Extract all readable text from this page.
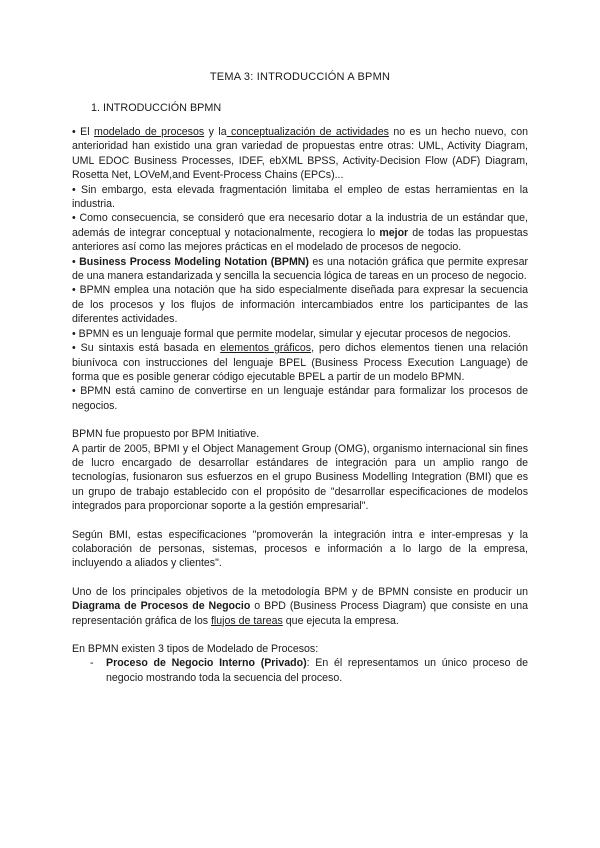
TEMA 3: INTRODUCCIÓN A BPMN
1. INTRODUCCIÓN BPMN

• El modelado de procesos y la conceptualización de actividades no es un hecho nuevo, con anterioridad han existido una gran variedad de propuestas entre otras: UML, Activity Diagram, UML EDOC Business Processes, IDEF, ebXML BPSS, Activity-Decision Flow (ADF) Diagram, Rosetta Net, LOVeM,and Event-Process Chains (EPCs)...

• Sin embargo, esta elevada fragmentación limitaba el empleo de estas herramientas en la industria.

• Como consecuencia, se consideró que era necesario dotar a la industria de un estándar que, además de integrar conceptual y notacionalmente, recogiera lo mejor de todas las propuestas anteriores así como las mejores prácticas en el modelado de procesos de negocio.

• Business Process Modeling Notation (BPMN) es una notación gráfica que permite expresar de una manera estandarizada y sencilla la secuencia lógica de tareas en un proceso de negocio.

• BPMN emplea una notación que ha sido especialmente diseñada para expresar la secuencia de los procesos y los flujos de información intercambiados entre los participantes de las diferentes actividades.

• BPMN es un lenguaje formal que permite modelar, simular y ejecutar procesos de negocios.

• Su sintaxis está basada en elementos gráficos, pero dichos elementos tienen una relación biunívoca con instrucciones del lenguaje BPEL (Business Process Execution Language) de forma que es posible generar código ejecutable BPEL a partir de un modelo BPMN.

• BPMN está camino de convertirse en un lenguaje estándar para formalizar los procesos de negocios.

BPMN fue propuesto por BPM Initiative.

A partir de 2005, BPMI y el Object Management Group (OMG), organismo internacional sin fines de lucro encargado de desarrollar estándares de integración para un amplio rango de tecnologías, fusionaron sus esfuerzos en el grupo Business Modelling Integration (BMI) que es un grupo de trabajo establecido con el propósito de "desarrollar especificaciones de modelos integrados para proporcionar soporte a la gestión empresarial".

Según BMI, estas especificaciones "promoverán la integración intra e inter-empresas y la colaboración de personas, sistemas, procesos e información a lo largo de la empresa, incluyendo a aliados y clientes".

Uno de los principales objetivos de la metodología BPM y de BPMN consiste en producir un Diagrama de Procesos de Negocio o BPD (Business Process Diagram) que consiste en una representación gráfica de los flujos de tareas que ejecuta la empresa.

En BPMN existen 3 tipos de Modelado de Procesos:

- Proceso de Negocio Interno (Privado): En él representamos un único proceso de negocio mostrando toda la secuencia del proceso.
